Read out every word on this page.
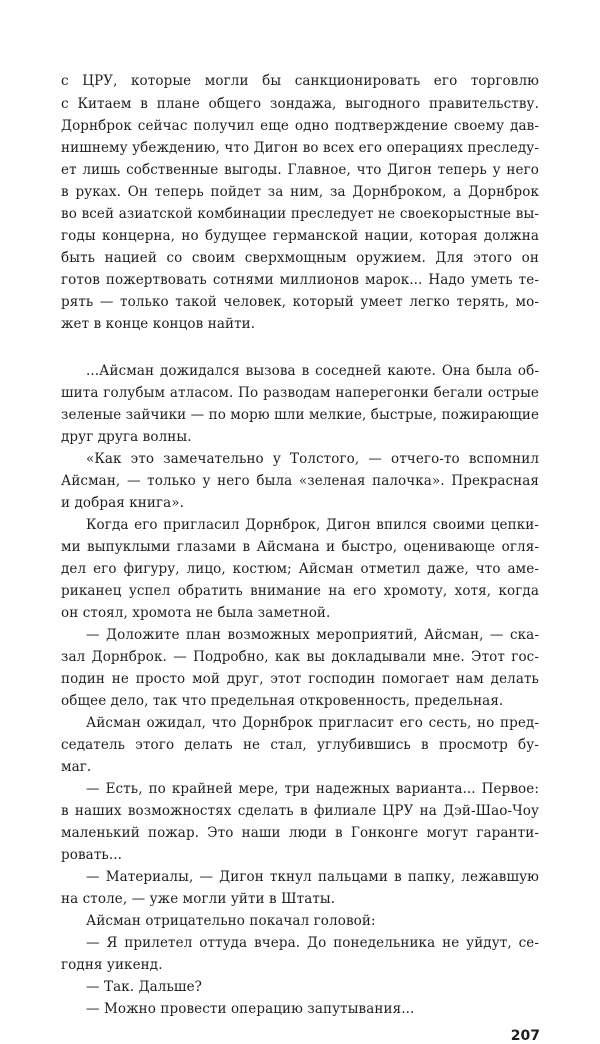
с ЦРУ, которые могли бы санкционировать его торговлю
с Китаем в плане общего зондажа, выгодного правительству.
Дорнброк сейчас получил еще одно подтверждение своему дав-
нишнему убеждению, что Дигон во всех его операциях преследу-
ет лишь собственные выгоды. Главное, что Дигон теперь у него
в руках. Он теперь пойдет за ним, за Дорнброком, а Дорнброк
во всей азиатской комбинации преследует не своекорыстные вы-
годы концерна, но будущее германской нации, которая должна
быть нацией со своим сверхмощным оружием. Для этого он
готов пожертвовать сотнями миллионов марок... Надо уметь те-
рять — только такой человек, который умеет легко терять, мо-
жет в конце концов найти.
...Айсман дожидался вызова в соседней каюте. Она была об-
шита голубым атласом. По разводам наперегонки бегали острые
зеленые зайчики — по морю шли мелкие, быстрые, пожирающие
друг друга волны.
«Как это замечательно у Толстого, — отчего-то вспомнил
Айсман, — только у него была «зеленая палочка». Прекрасная
и добрая книга».
Когда его пригласил Дорнброк, Дигон впился своими цепки-
ми выпуклыми глазами в Айсмана и быстро, оценивающе огля-
дел его фигуру, лицо, костюм; Айсман отметил даже, что аме-
риканец успел обратить внимание на его хромоту, хотя, когда
он стоял, хромота не была заметной.
— Доложите план возможных мероприятий, Айсман, — ска-
зал Дорнброк. — Подробно, как вы докладывали мне. Этот гос-
подин не просто мой друг, этот господин помогает нам делать
общее дело, так что предельная откровенность, предельная.
Айсман ожидал, что Дорнброк пригласит его сесть, но пред-
седатель этого делать не стал, углубившись в просмотр бу-
маг.
— Есть, по крайней мере, три надежных варианта... Первое:
в наших возможностях сделать в филиале ЦРУ на Дэй-Шао-Чоу
маленький пожар. Это наши люди в Гонконге могут гаранти-
ровать...
— Материалы, — Дигон ткнул пальцами в папку, лежавшую
на столе, — уже могли уйти в Штаты.
Айсман отрицательно покачал головой:
— Я прилетел оттуда вчера. До понедельника не уйдут, се-
годня уикенд.
— Так. Дальше?
— Можно провести операцию запутывания...
207
